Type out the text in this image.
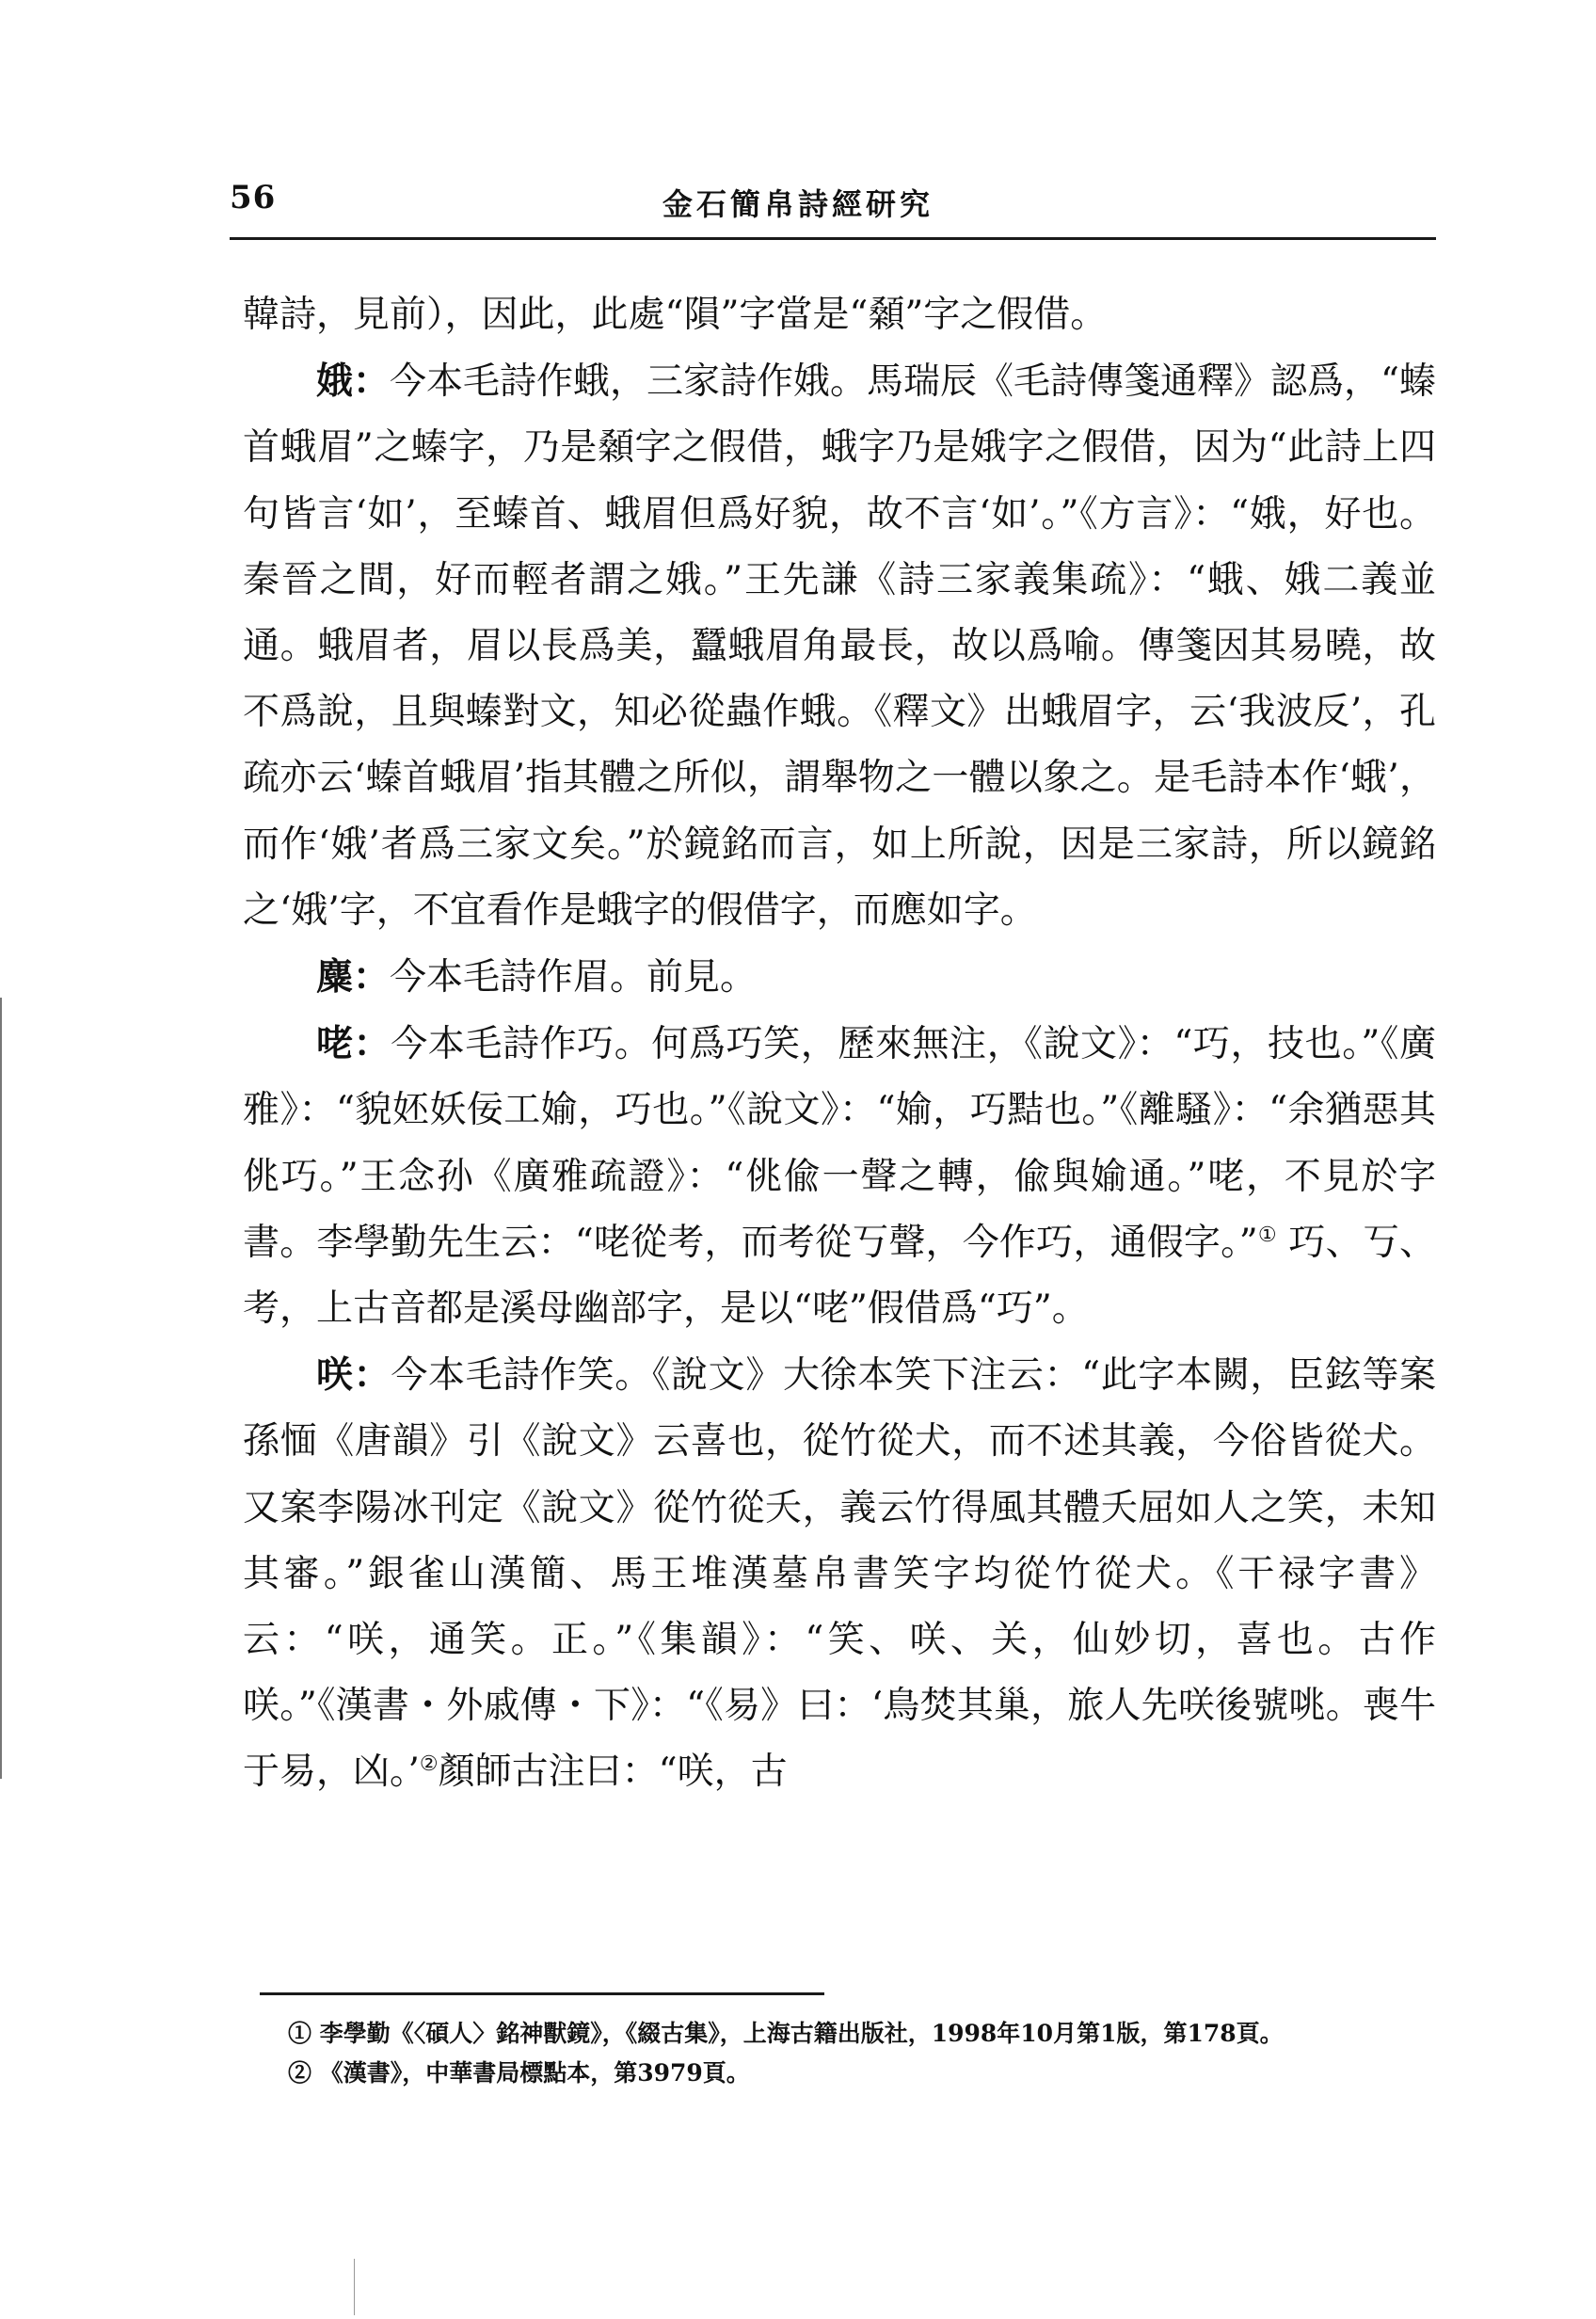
56	金石簡帛詩經研究

韓詩，見前），因此，此處“隕”字當是“顙”字之假借。

娥：今本毛詩作蛾，三家詩作娥。馬瑞辰《毛詩傳箋通釋》認爲，“螓首蛾眉”之螓字，乃是顙字之假借，蛾字乃是娥字之假借，因为“此詩上四句皆言‘如’，至螓首、蛾眉但爲好貌，故不言‘如’。”《方言》：“娥，好也。秦晉之間，好而輕者謂之娥。”王先謙《詩三家義集疏》：“蛾、娥二義並通。蛾眉者，眉以長爲美，蠶蛾眉角最長，故以爲喻。傳箋因其易曉，故不爲說，且與螓對文，知必從蟲作蛾。《釋文》出蛾眉字，云‘我波反’，孔疏亦云‘螓首蛾眉’指其體之所似，謂舉物之一體以象之。是毛詩本作‘蛾’，而作‘娥’者爲三家文矣。”於鏡銘而言，如上所說，因是三家詩，所以鏡銘之‘娥’字，不宜看作是蛾字的假借字，而應如字。

麋：今本毛詩作眉。前見。

咾：今本毛詩作巧。何爲巧笑，歷來無注，《說文》：“巧，技也。”《廣雅》：“貌㚰妖佞工媮，巧也。”《說文》：“媮，巧黠也。”《離騷》：“余猶惡其佻巧。”王念孙《廣雅疏證》：“佻偸一聲之轉，偸與媮通。”咾，不見於字書。李學勤先生云：“咾從考，而考從丂聲，今作巧，通假字。”① 巧、丂、考，上古音都是溪母幽部字，是以“咾”假借爲“巧”。

咲：今本毛詩作笑。《說文》大徐本笑下注云：“此字本闕，臣鉉等案孫愐《唐韻》引《說文》云喜也，從竹從犬，而不述其義，今俗皆從犬。又案李陽冰刊定《說文》從竹從夭，義云竹得風其體夭屈如人之笑，未知其審。”銀雀山漢簡、馬王堆漢墓帛書笑字均從竹從犬。《干禄字書》云：“咲，通笑。正。”《集韻》：“笑、咲、关，仙妙切，喜也。古作咲。”《漢書・外戚傳・下》：“《易》曰：‘鳥焚其巢，旅人先咲後號咷。喪牛于易，凶。’②顏師古注曰：“咲，古

① 李學勤《〈碩人〉銘神獸鏡》，《綴古集》，上海古籍出版社，1998年10月第1版，第178頁。

② 《漢書》，中華書局標點本，第3979頁。
